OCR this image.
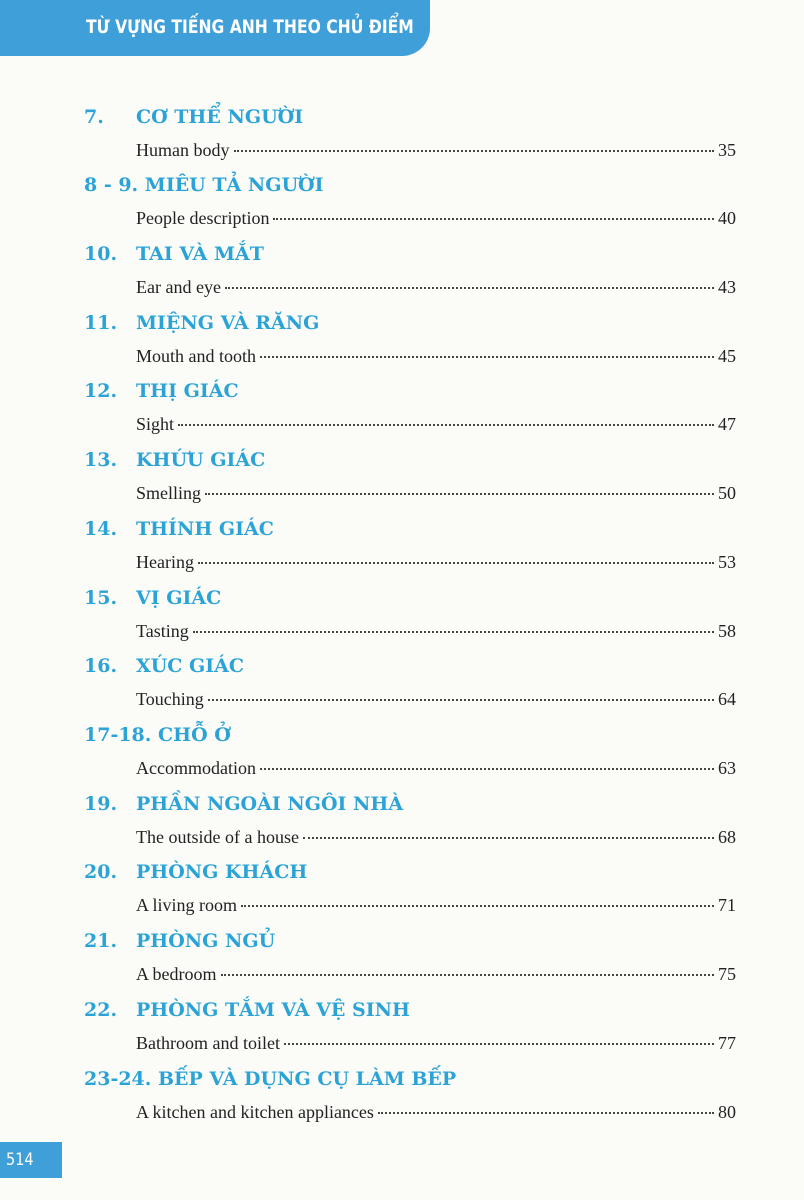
TỪ VỰNG TIẾNG ANH THEO CHỦ ĐIỂM
7. CƠ THỂ NGƯỜI
Human body	35
8 - 9. MIÊU TẢ NGƯỜI
People description	40
10. TAI VÀ MẮT
Ear and eye	43
11. MIỆNG VÀ RĂNG
Mouth and tooth	45
12. THỊ GIÁC
Sight	47
13. KHỨU GIÁC
Smelling	50
14. THÍNH GIÁC
Hearing	53
15. VỊ GIÁC
Tasting	58
16. XÚC GIÁC
Touching	64
17-18. CHỖ Ở
Accommodation	63
19. PHẦN NGOÀI NGÔI NHÀ
The outside of a house	68
20. PHÒNG KHÁCH
A living room	71
21. PHÒNG NGỦ
A bedroom	75
22. PHÒNG TẮM VÀ VỆ SINH
Bathroom and toilet	77
23-24. BẾP VÀ DỤNG CỤ LÀM BẾP
A kitchen and kitchen appliances	80
514
